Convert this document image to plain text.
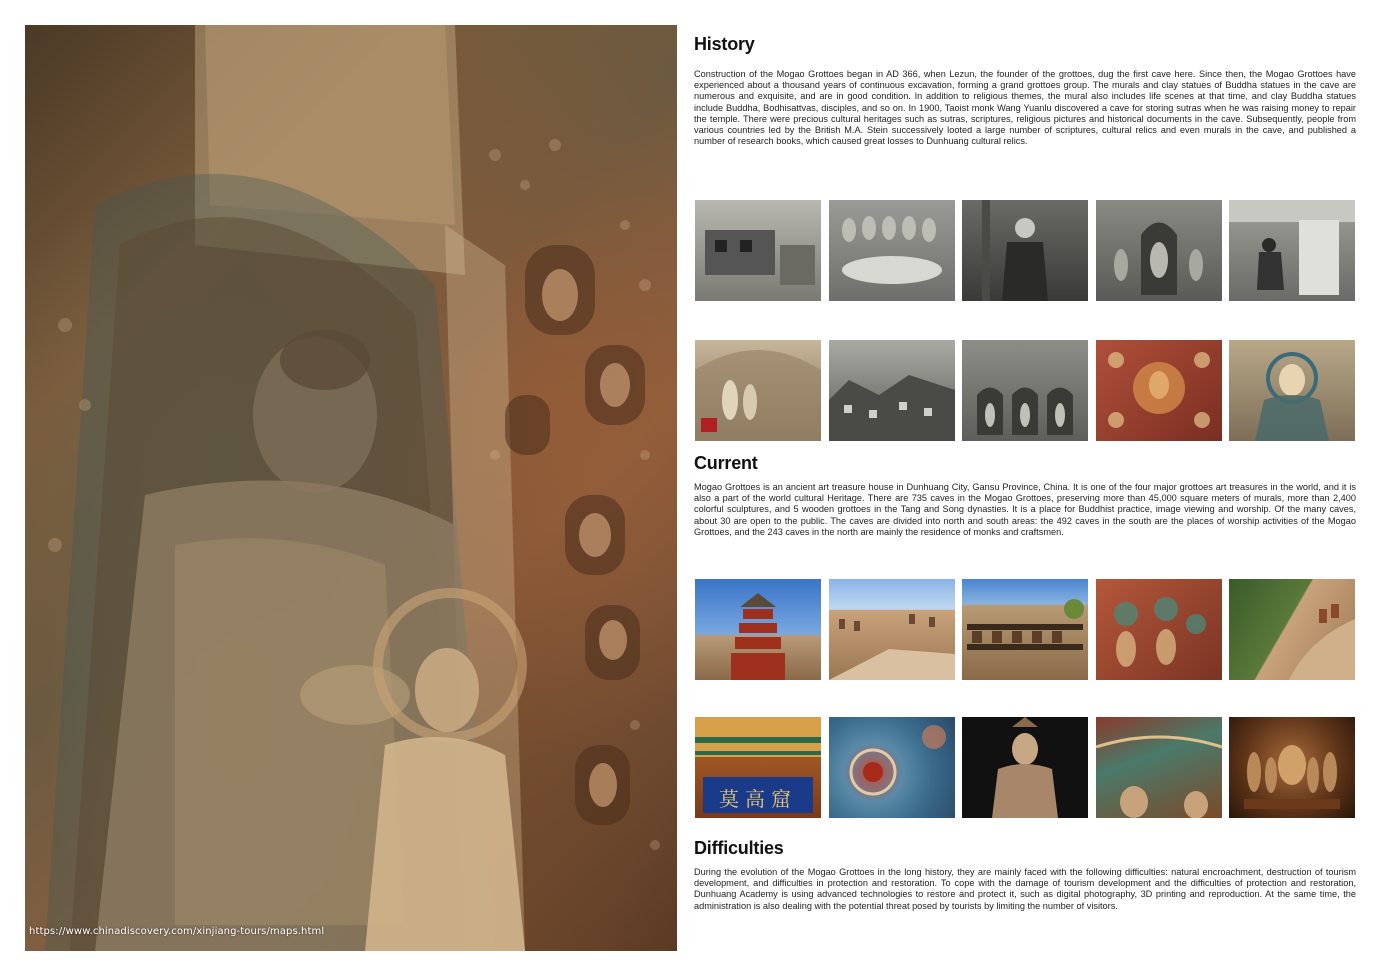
https://www.chinadiscovery.com/xinjiang-tours/maps.html
History
Construction of the Mogao Grottoes began in AD 366, when Lezun, the founder of the grottoes, dug the first cave here. Since then, the Mogao Grottoes have experienced about a thousand years of continuous excavation, forming a grand grottoes group. The murals and clay statues of Buddha statues in the cave are numerous and exquisite, and are in good condition. In addition to religious themes, the mural also includes life scenes at that time, and clay Buddha statues include Buddha, Bodhisattvas, disciples, and so on. In 1900, Taoist monk Wang Yuanlu discovered a cave for storing sutras when he was raising money to repair the temple. There were precious cultural heritages such as sutras, scriptures, religious pictures and historical documents in the cave. Subsequently, people from various countries led by the British M.A. Stein successively looted a large number of scriptures, cultural relics and even murals in the cave, and published a number of research books, which caused great losses to Dunhuang cultural relics.
Current
Mogao Grottoes is an ancient art treasure house in Dunhuang City, Gansu Province, China. It is one of the four major grottoes art treasures in the world, and it is also a part of the world cultural Heritage. There are 735 caves in the Mogao Grottoes, preserving more than 45,000 square meters of murals, more than 2,400 colorful sculptures, and 5 wooden grottoes in the Tang and Song dynasties. It is a place for Buddhist practice, image viewing and worship. Of the many caves, about 30 are open to the public. The caves are divided into north and south areas: the 492 caves in the south are the places of worship activities of the Mogao Grottoes, and the 243 caves in the north are mainly the residence of monks and craftsmen.
莫高窟
Difficulties
During the evolution of the Mogao Grottoes in the long history, they are mainly faced with the following difficulties: natural encroachment, destruction of tourism development, and difficulties in protection and restoration. To cope with the damage of tourism development and the difficulties of protection and restoration, Dunhuang Academy is using advanced technologies to restore and protect it, such as digital photography, 3D printing and reproduction. At the same time, the administration is also dealing with the potential threat posed by tourists by limiting the number of visitors.
